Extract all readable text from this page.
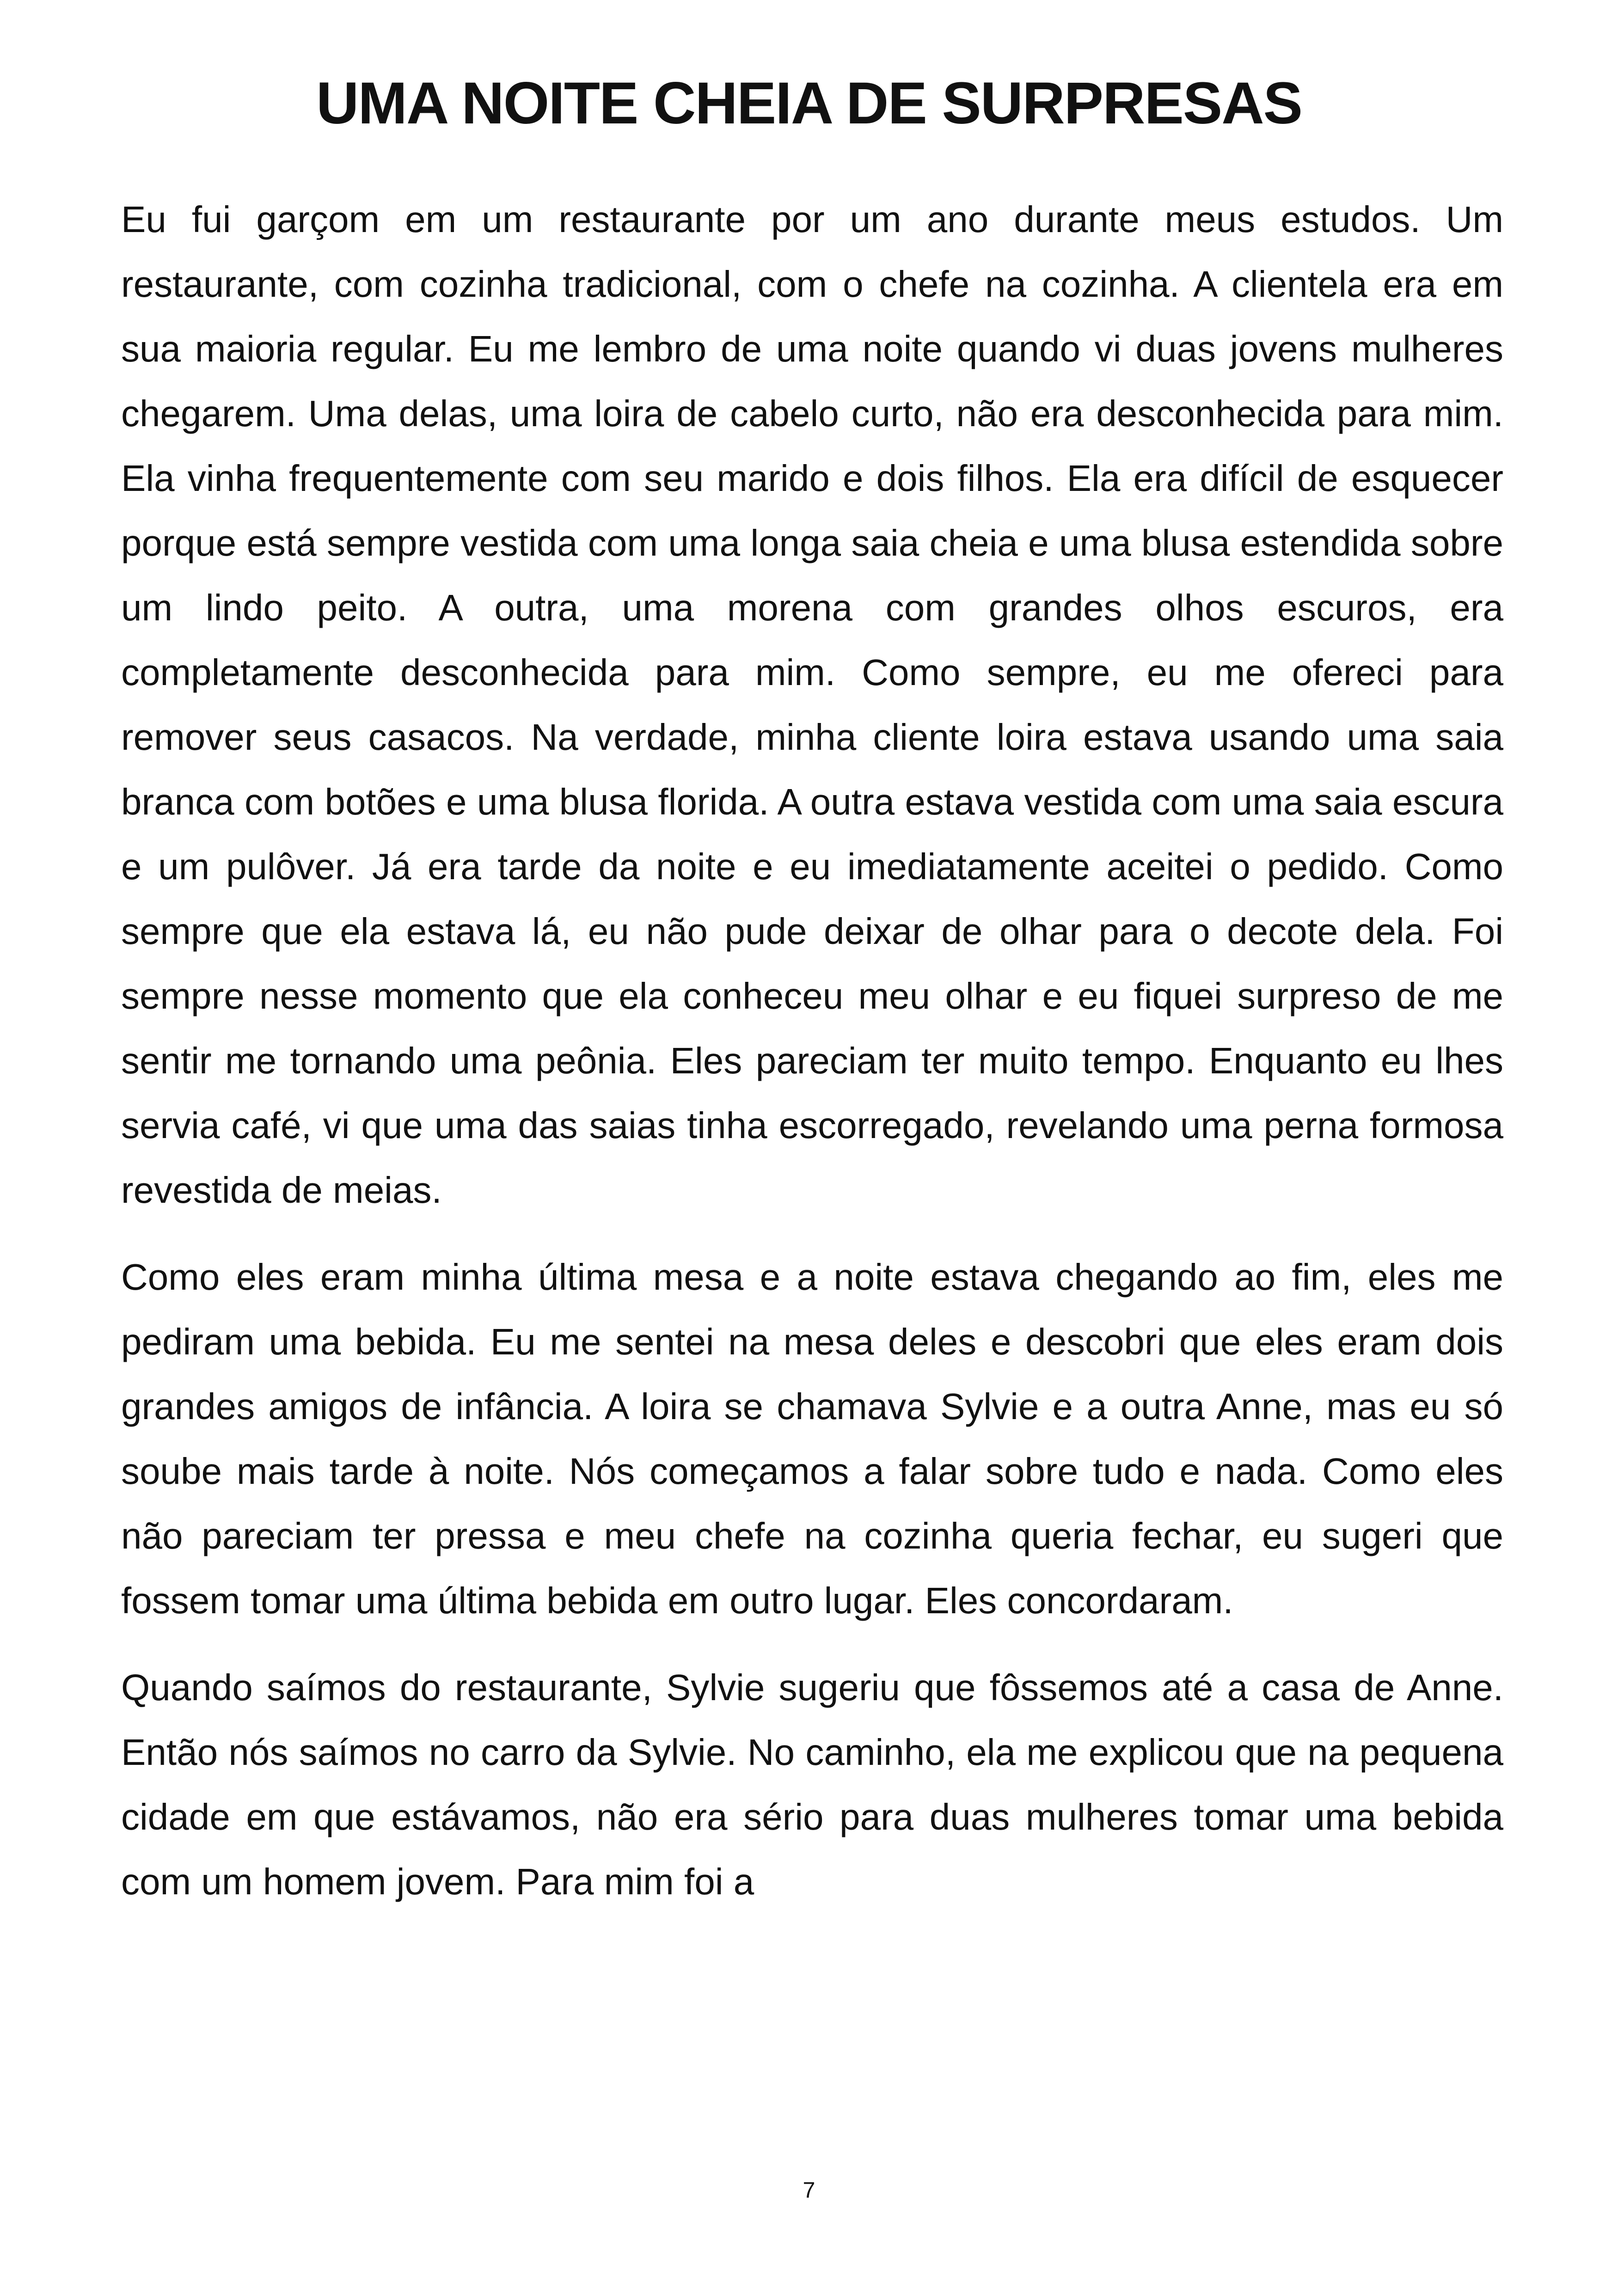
UMA NOITE CHEIA DE SURPRESAS

Eu fui garçom em um restaurante por um ano durante meus estudos. Um restaurante, com cozinha tradicional, com o chefe na cozinha. A clientela era em sua maioria regular. Eu me lembro de uma noite quando vi duas jovens mulheres chegarem. Uma delas, uma loira de cabelo curto, não era desconhecida para mim. Ela vinha frequentemente com seu marido e dois filhos. Ela era difícil de esquecer porque está sempre vestida com uma longa saia cheia e uma blusa estendida sobre um lindo peito. A outra, uma morena com grandes olhos escuros, era completamente desconhecida para mim. Como sempre, eu me ofereci para remover seus casacos. Na verdade, minha cliente loira estava usando uma saia branca com botões e uma blusa florida. A outra estava vestida com uma saia escura e um pulôver. Já era tarde da noite e eu imediatamente aceitei o pedido. Como sempre que ela estava lá, eu não pude deixar de olhar para o decote dela. Foi sempre nesse momento que ela conheceu meu olhar e eu fiquei surpreso de me sentir me tornando uma peônia. Eles pareciam ter muito tempo. Enquanto eu lhes servia café, vi que uma das saias tinha escorregado, revelando uma perna formosa revestida de meias.

Como eles eram minha última mesa e a noite estava chegando ao fim, eles me pediram uma bebida. Eu me sentei na mesa deles e descobri que eles eram dois grandes amigos de infância. A loira se chamava Sylvie e a outra Anne, mas eu só soube mais tarde à noite. Nós começamos a falar sobre tudo e nada. Como eles não pareciam ter pressa e meu chefe na cozinha queria fechar, eu sugeri que fossem tomar uma última bebida em outro lugar. Eles concordaram.

Quando saímos do restaurante, Sylvie sugeriu que fôssemos até a casa de Anne. Então nós saímos no carro da Sylvie. No caminho, ela me explicou que na pequena cidade em que estávamos, não era sério para duas mulheres tomar uma bebida com um homem jovem. Para mim foi a

7
